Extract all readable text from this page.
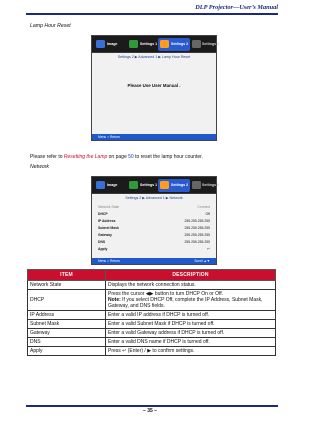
DLP Projector—User’s Manual
Lamp Hour Reset
Image	Settings 1	Settings 2	Settings 3
Settings 2 ▶ Advanced 1 ▶ Lamp Hour Reset
Please Use User Manual .
Menu = Return
Please refer to Resetting the Lamp on page 50 to reset the lamp hour counter.
Network
Image	Settings 1	Settings 2	Settings 3
Settings 2 ▶ Advanced 1 ▶ Network
Network State	Connect
DHCP	Off
IP Address	255.255.255.255
Subnet Mask	255.255.255.255
Gateway	255.255.255.255
DNS	255.255.255.255
Apply	↵
Menu = Return	Scroll ▲▼
ITEM	DESCRIPTION
Network State	Displays the network connection status.
DHCP	Press the cursor ◀▶ button to turn DHCP On or Off.
Note: If you select DHCP Off, complete the IP Address, Subnet Mask, Gateway, and DNS fields.
IP Address	Enter a valid IP address if DHCP is turned off.
Subnet Mask	Enter a valid Subnet Mask if DHCP is turned off.
Gateway	Enter a valid Gateway address if DHCP is turned off.
DNS	Enter a valid DNS name if DHCP is turned off.
Apply	Press ↵ (Enter) / ▶ to confirm settings.
– 35 –
